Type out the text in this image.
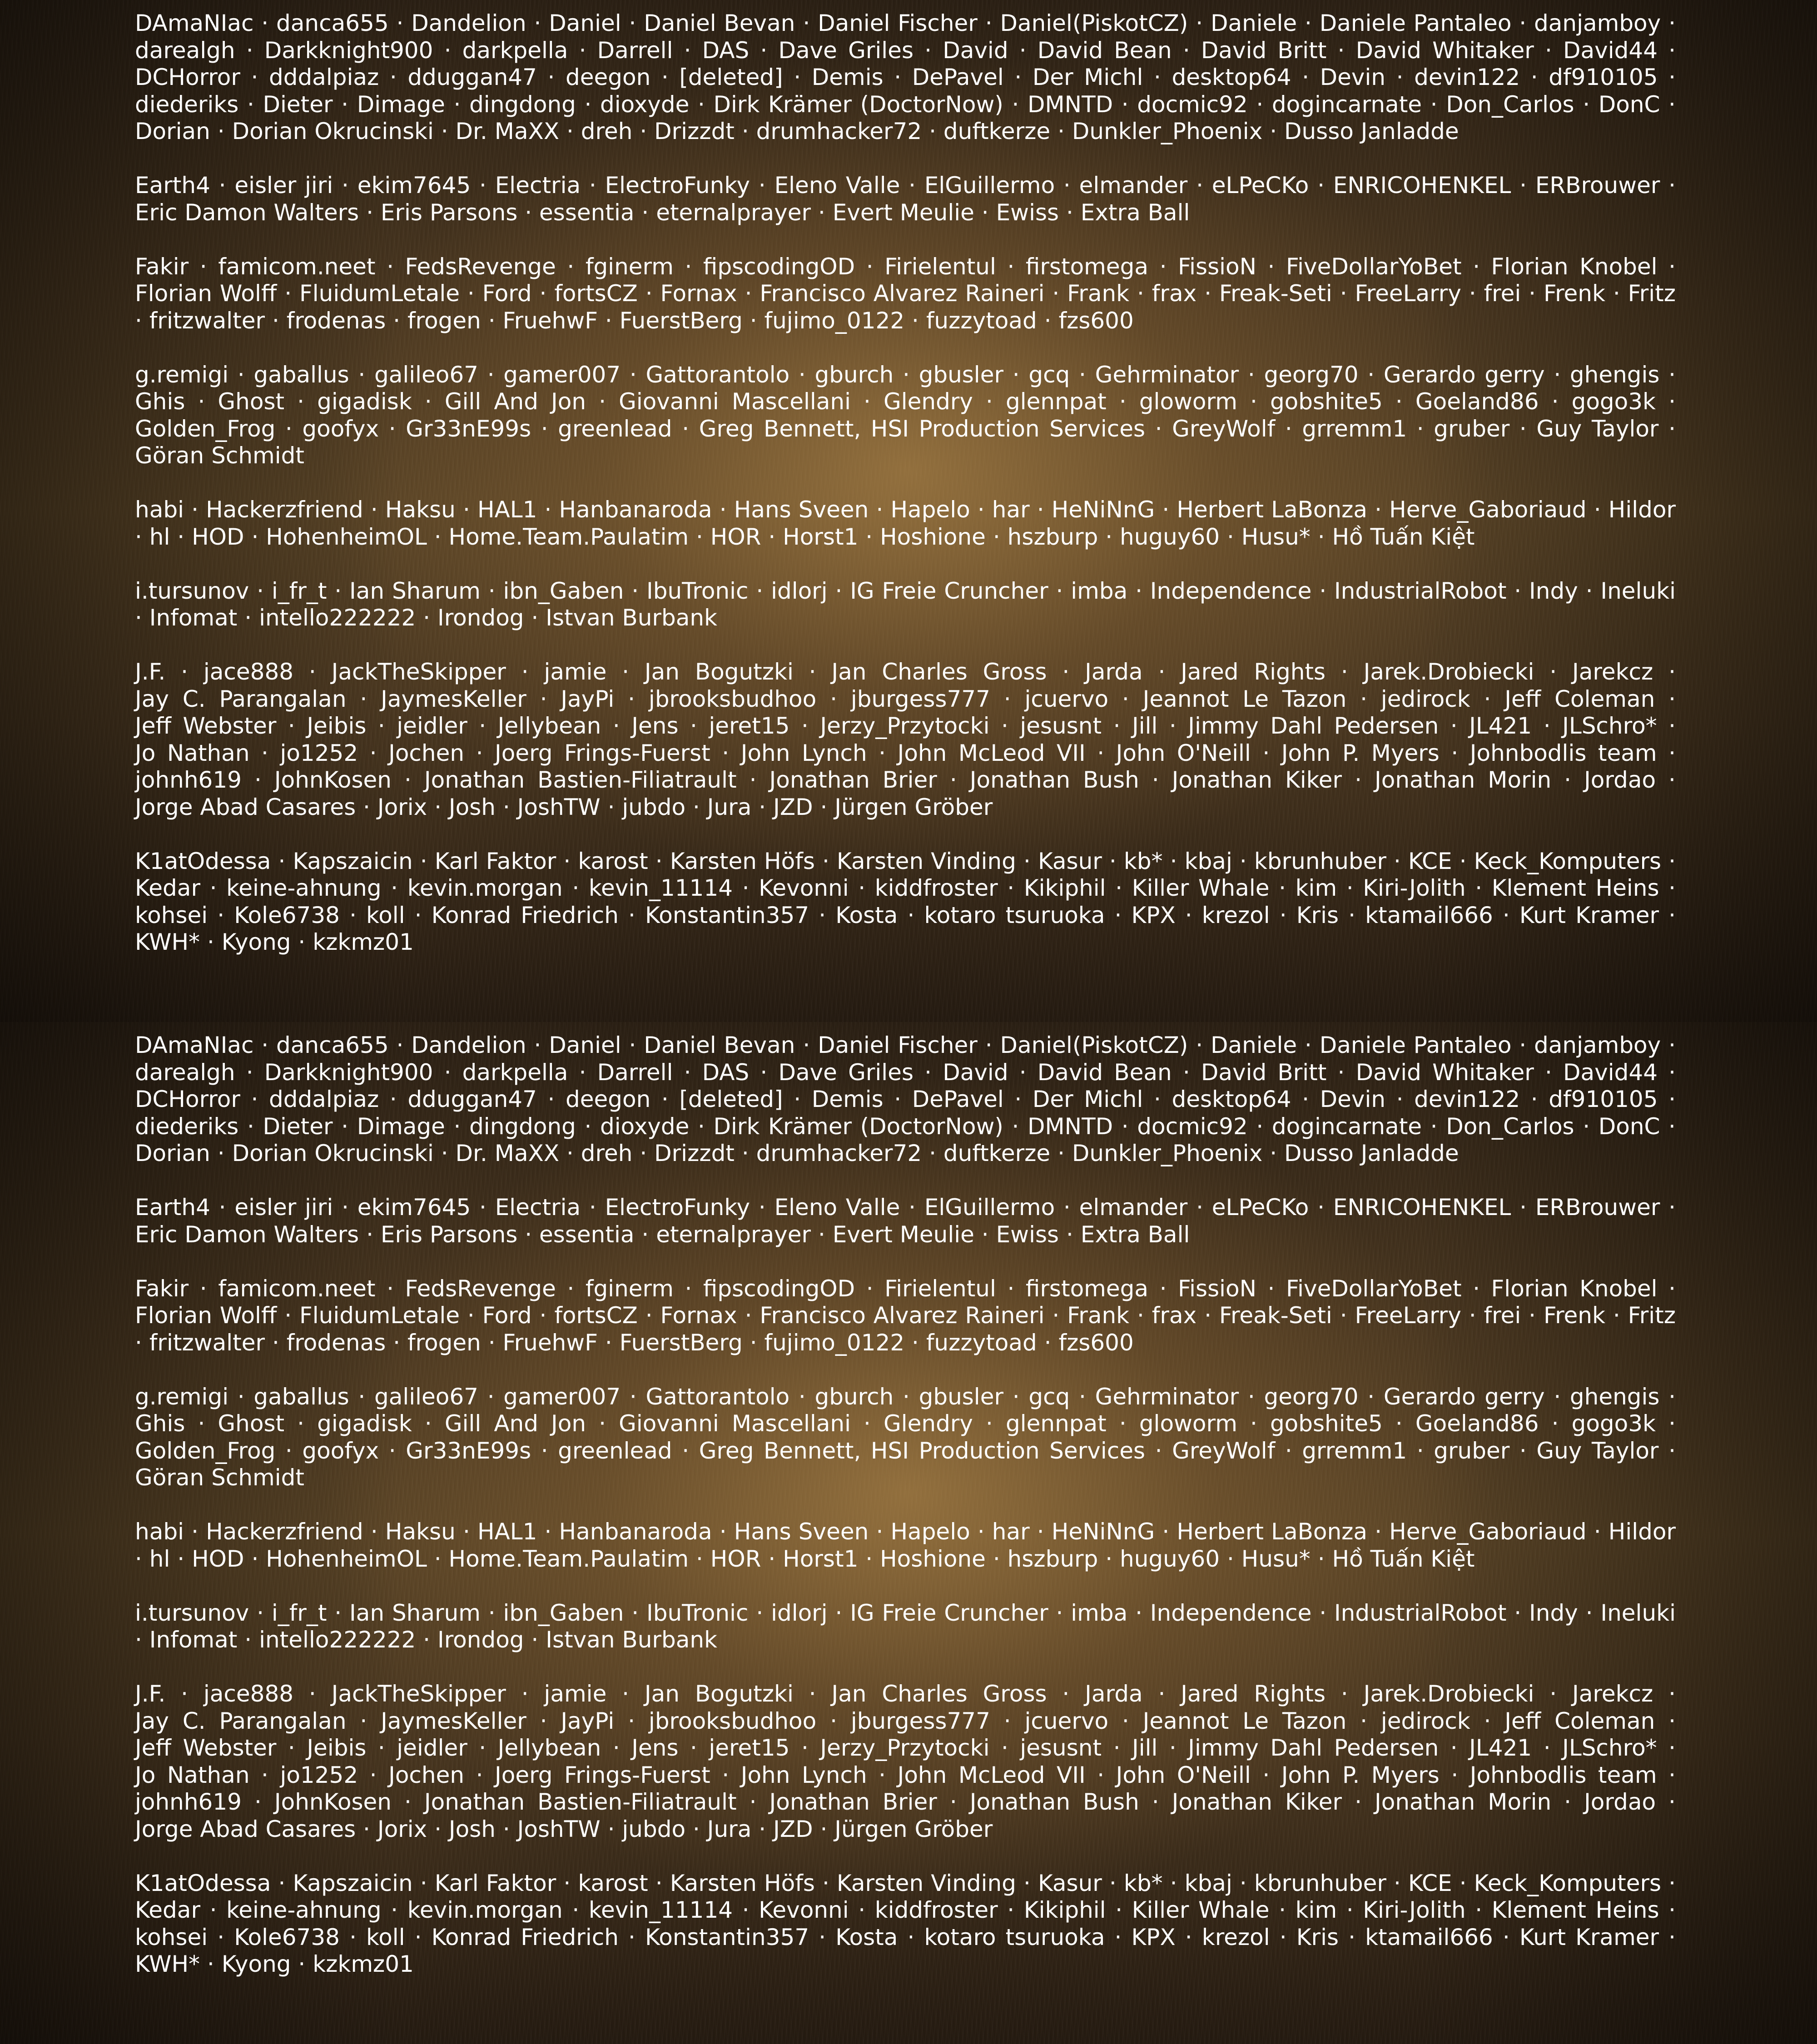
DAmaNIac · danca655 · Dandelion · Daniel · Daniel Bevan · Daniel Fischer · Daniel(PiskotCZ) · Daniele · Daniele Pantaleo · danjamboy · darealgh · Darkknight900 · darkpella · Darrell · DAS · Dave Griles · David · David Bean · David Britt · David Whitaker · David44 · DCHorror · dddalpiaz · dduggan47 · deegon · [deleted] · Demis · DePavel · Der Michl · desktop64 · Devin · devin122 · df910105 · diederiks · Dieter · Dimage · dingdong · dioxyde · Dirk Krämer (DoctorNow) · DMNTD · docmic92 · dogincarnate · Don_Carlos · DonC · Dorian · Dorian Okrucinski · Dr. MaXX · dreh · Drizzdt · drumhacker72 · duftkerze · Dunkler_Phoenix · Dusso Janladde

Earth4 · eisler jiri · ekim7645 · Electria · ElectroFunky · Eleno Valle · ElGuillermo · elmander · eLPeCKo · ENRICOHENKEL · ERBrouwer · Eric Damon Walters · Eris Parsons · essentia · eternalprayer · Evert Meulie · Ewiss · Extra Ball

Fakir · famicom.neet · FedsRevenge · fginerm · fipscodingOD · Firielentul · firstomega · FissioN · FiveDollarYoBet · Florian Knobel · Florian Wolff · FluidumLetale · Ford · fortsCZ · Fornax · Francisco Alvarez Raineri · Frank · frax · Freak-Seti · FreeLarry · frei · Frenk · Fritz · fritzwalter · frodenas · frogen · FruehwF · FuerstBerg · fujimo_0122 · fuzzytoad · fzs600

g.remigi · gaballus · galileo67 · gamer007 · Gattorantolo · gburch · gbusler · gcq · Gehrminator · georg70 · Gerardo gerry · ghengis · Ghis · Ghost · gigadisk · Gill And Jon · Giovanni Mascellani · Glendry · glennpat · gloworm · gobshite5 · Goeland86 · gogo3k · Golden_Frog · goofyx · Gr33nE99s · greenlead · Greg Bennett, HSI Production Services · GreyWolf · grremm1 · gruber · Guy Taylor · Göran Schmidt

habi · Hackerzfriend · Haksu · HAL1 · Hanbanaroda · Hans Sveen · Hapelo · har · HeNiNnG · Herbert LaBonza · Herve_Gaboriaud · Hildor · hl · HOD · HohenheimOL · Home.Team.Paulatim · HOR · Horst1 · Hoshione · hszburp · huguy60 · Husu* · Hồ Tuấn Kiệt

i.tursunov · i_fr_t · Ian Sharum · ibn_Gaben · IbuTronic · idlorj · IG Freie Cruncher · imba · Independence · IndustrialRobot · Indy · Ineluki · Infomat · intello222222 · Irondog · Istvan Burbank

J.F. · jace888 · JackTheSkipper · jamie · Jan Bogutzki · Jan Charles Gross · Jarda · Jared Rights · Jarek.Drobiecki · Jarekcz · Jay C. Parangalan · JaymesKeller · JayPi · jbrooksbudhoo · jburgess777 · jcuervo · Jeannot Le Tazon · jedirock · Jeff Coleman · Jeff Webster · Jeibis · jeidler · Jellybean · Jens · jeret15 · Jerzy_Przytocki · jesusnt · Jill · Jimmy Dahl Pedersen · JL421 · JLSchro* · Jo Nathan · jo1252 · Jochen · Joerg Frings-Fuerst · John Lynch · John McLeod VII · John O'Neill · John P. Myers · Johnbodlis team · johnh619 · JohnKosen · Jonathan Bastien-Filiatrault · Jonathan Brier · Jonathan Bush · Jonathan Kiker · Jonathan Morin · Jordao · Jorge Abad Casares · Jorix · Josh · JoshTW · jubdo · Jura · JZD · Jürgen Gröber

K1atOdessa · Kapszaicin · Karl Faktor · karost · Karsten Höfs · Karsten Vinding · Kasur · kb* · kbaj · kbrunhuber · KCE · Keck_Komputers · Kedar · keine-ahnung · kevin.morgan · kevin_11114 · Kevonni · kiddfroster · Kikiphil · Killer Whale · kim · Kiri-Jolith · Klement Heins · kohsei · Kole6738 · koll · Konrad Friedrich · Konstantin357 · Kosta · kotaro tsuruoka · KPX · krezol · Kris · ktamail666 · Kurt Kramer · KWH* · Kyong · kzkmz01

DAmaNIac · danca655 · Dandelion · Daniel · Daniel Bevan · Daniel Fischer · Daniel(PiskotCZ) · Daniele · Daniele Pantaleo · danjamboy · darealgh · Darkknight900 · darkpella · Darrell · DAS · Dave Griles · David · David Bean · David Britt · David Whitaker · David44 · DCHorror · dddalpiaz · dduggan47 · deegon · [deleted] · Demis · DePavel · Der Michl · desktop64 · Devin · devin122 · df910105 · diederiks · Dieter · Dimage · dingdong · dioxyde · Dirk Krämer (DoctorNow) · DMNTD · docmic92 · dogincarnate · Don_Carlos · DonC · Dorian · Dorian Okrucinski · Dr. MaXX · dreh · Drizzdt · drumhacker72 · duftkerze · Dunkler_Phoenix · Dusso Janladde

Earth4 · eisler jiri · ekim7645 · Electria · ElectroFunky · Eleno Valle · ElGuillermo · elmander · eLPeCKo · ENRICOHENKEL · ERBrouwer · Eric Damon Walters · Eris Parsons · essentia · eternalprayer · Evert Meulie · Ewiss · Extra Ball

Fakir · famicom.neet · FedsRevenge · fginerm · fipscodingOD · Firielentul · firstomega · FissioN · FiveDollarYoBet · Florian Knobel · Florian Wolff · FluidumLetale · Ford · fortsCZ · Fornax · Francisco Alvarez Raineri · Frank · frax · Freak-Seti · FreeLarry · frei · Frenk · Fritz · fritzwalter · frodenas · frogen · FruehwF · FuerstBerg · fujimo_0122 · fuzzytoad · fzs600

g.remigi · gaballus · galileo67 · gamer007 · Gattorantolo · gburch · gbusler · gcq · Gehrminator · georg70 · Gerardo gerry · ghengis · Ghis · Ghost · gigadisk · Gill And Jon · Giovanni Mascellani · Glendry · glennpat · gloworm · gobshite5 · Goeland86 · gogo3k · Golden_Frog · goofyx · Gr33nE99s · greenlead · Greg Bennett, HSI Production Services · GreyWolf · grremm1 · gruber · Guy Taylor · Göran Schmidt

habi · Hackerzfriend · Haksu · HAL1 · Hanbanaroda · Hans Sveen · Hapelo · har · HeNiNnG · Herbert LaBonza · Herve_Gaboriaud · Hildor · hl · HOD · HohenheimOL · Home.Team.Paulatim · HOR · Horst1 · Hoshione · hszburp · huguy60 · Husu* · Hồ Tuấn Kiệt

i.tursunov · i_fr_t · Ian Sharum · ibn_Gaben · IbuTronic · idlorj · IG Freie Cruncher · imba · Independence · IndustrialRobot · Indy · Ineluki · Infomat · intello222222 · Irondog · Istvan Burbank

J.F. · jace888 · JackTheSkipper · jamie · Jan Bogutzki · Jan Charles Gross · Jarda · Jared Rights · Jarek.Drobiecki · Jarekcz · Jay C. Parangalan · JaymesKeller · JayPi · jbrooksbudhoo · jburgess777 · jcuervo · Jeannot Le Tazon · jedirock · Jeff Coleman · Jeff Webster · Jeibis · jeidler · Jellybean · Jens · jeret15 · Jerzy_Przytocki · jesusnt · Jill · Jimmy Dahl Pedersen · JL421 · JLSchro* · Jo Nathan · jo1252 · Jochen · Joerg Frings-Fuerst · John Lynch · John McLeod VII · John O'Neill · John P. Myers · Johnbodlis team · johnh619 · JohnKosen · Jonathan Bastien-Filiatrault · Jonathan Brier · Jonathan Bush · Jonathan Kiker · Jonathan Morin · Jordao · Jorge Abad Casares · Jorix · Josh · JoshTW · jubdo · Jura · JZD · Jürgen Gröber

K1atOdessa · Kapszaicin · Karl Faktor · karost · Karsten Höfs · Karsten Vinding · Kasur · kb* · kbaj · kbrunhuber · KCE · Keck_Komputers · Kedar · keine-ahnung · kevin.morgan · kevin_11114 · Kevonni · kiddfroster · Kikiphil · Killer Whale · kim · Kiri-Jolith · Klement Heins · kohsei · Kole6738 · koll · Konrad Friedrich · Konstantin357 · Kosta · kotaro tsuruoka · KPX · krezol · Kris · ktamail666 · Kurt Kramer · KWH* · Kyong · kzkmz01
